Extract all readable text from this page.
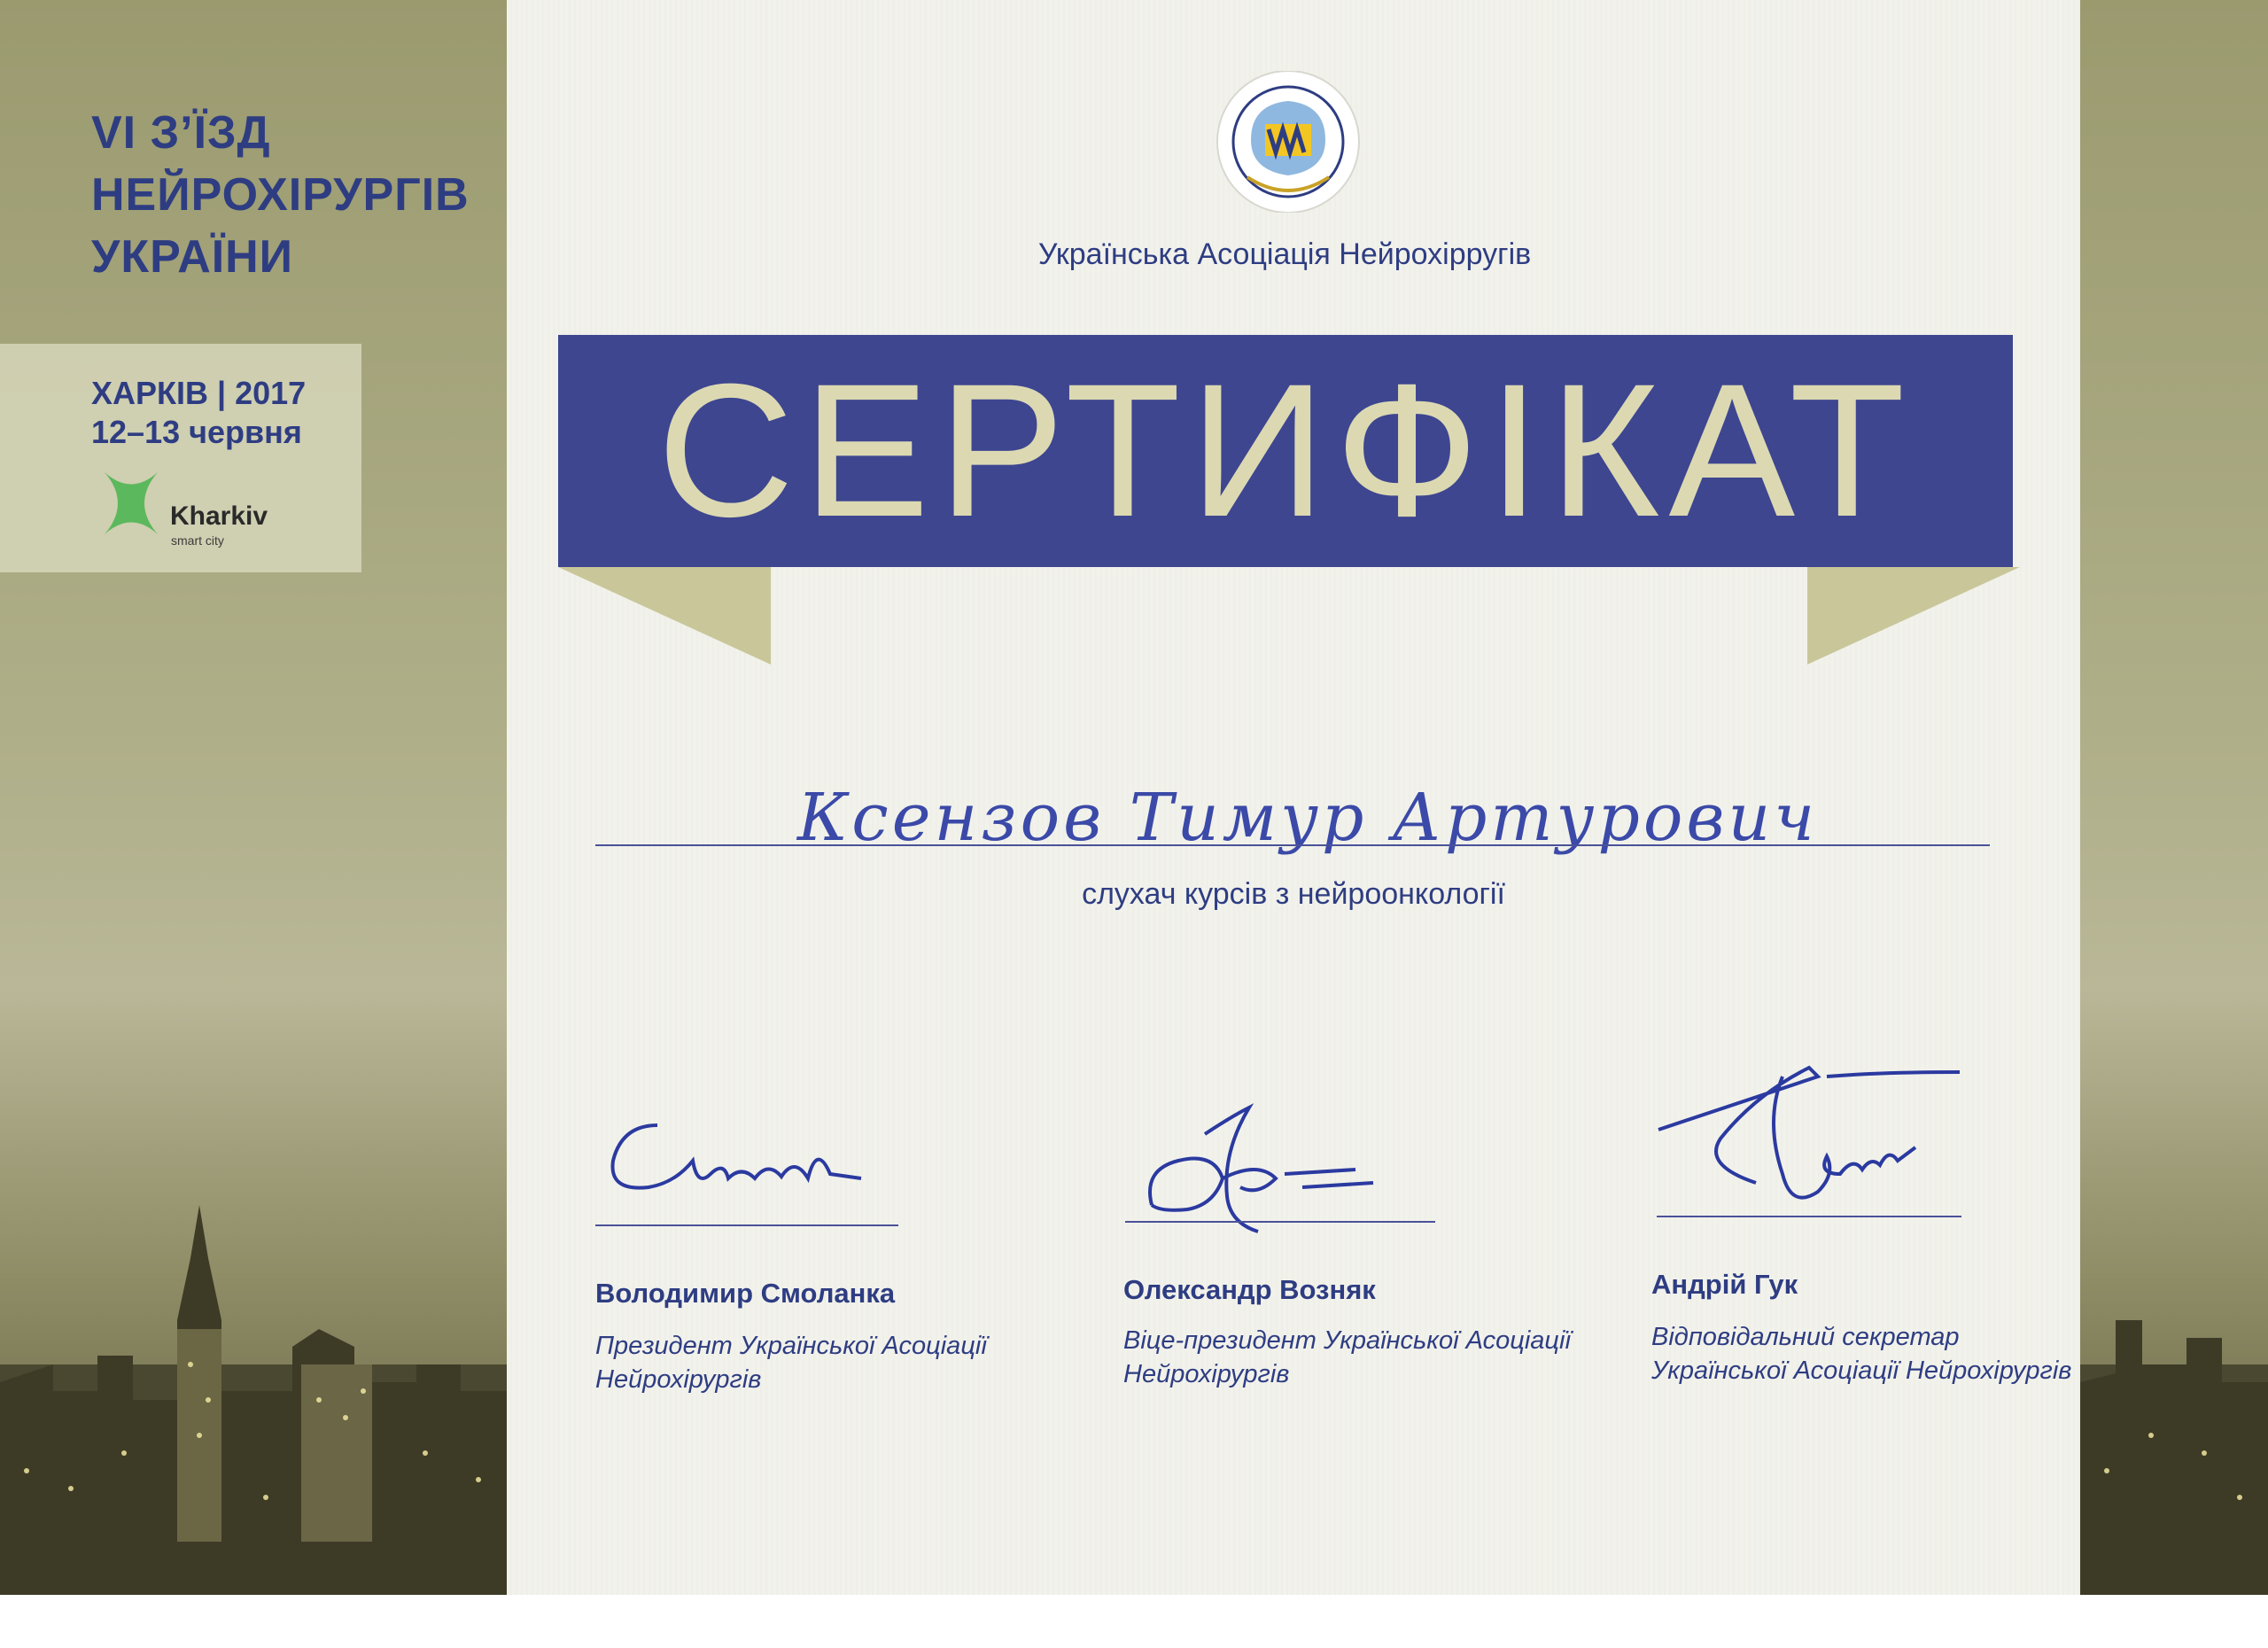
VI З’ЇЗД
НЕЙРОХІРУРГІВ
УКРАЇНИ
ХАРКІВ | 2017
12–13 червня
Kharkiv
smart city
Українська Асоціація Нейрохірругів
СЕРТИФІКАТ
Ксензов Тимур Артурович
слухач курсів з нейроонкології
Володимир Смоланка
Президент Української Асоціації
Нейрохірургів
Олександр Возняк
Віце-президент Української Асоціації
Нейрохірургів
Андрій Гук
Відповідальний секретар
Української Асоціації Нейрохірургів
